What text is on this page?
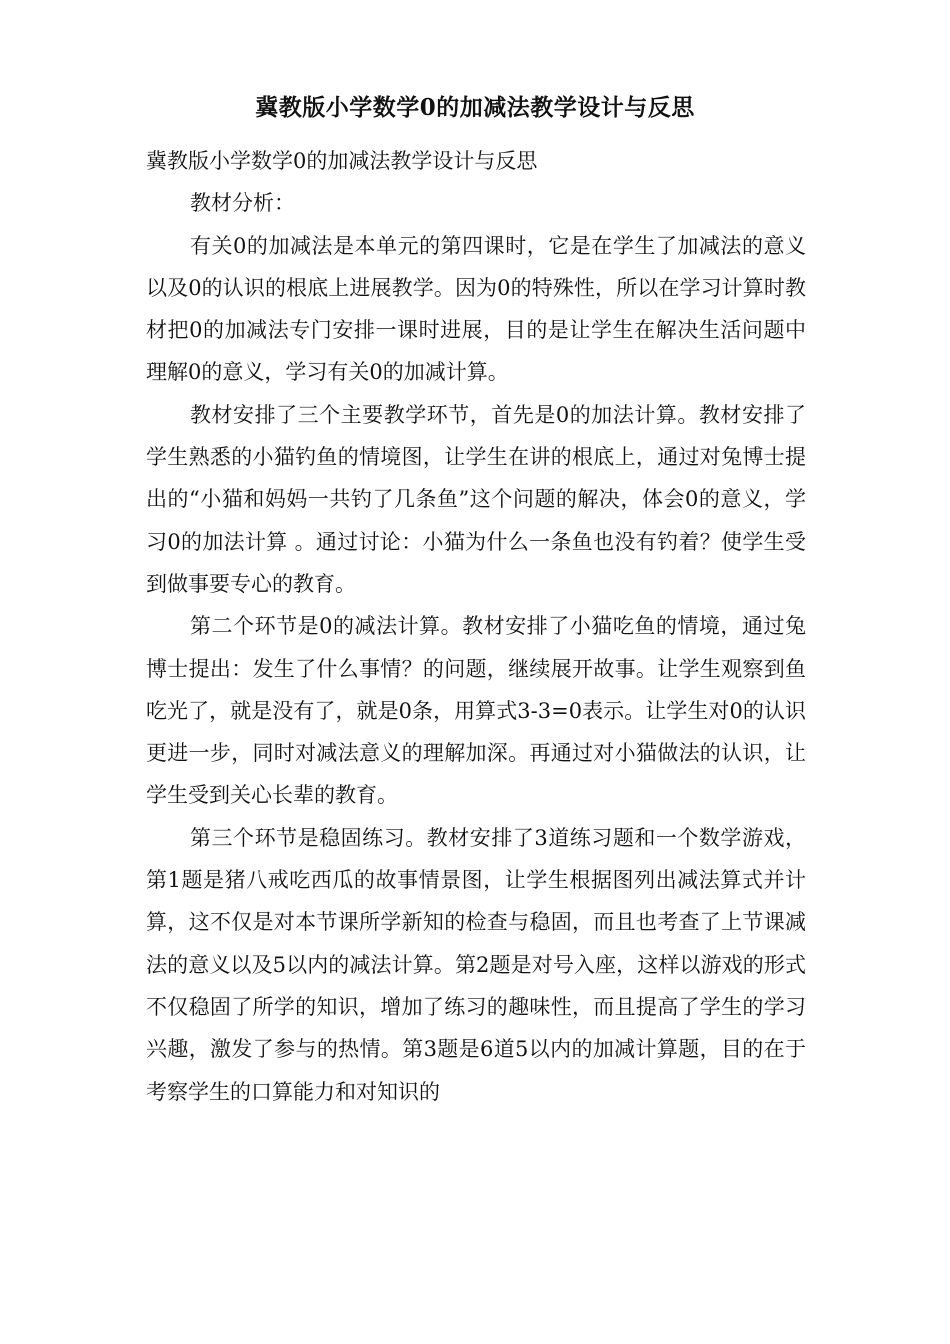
冀教版小学数学0的加减法教学设计与反思

冀教版小学数学0的加减法教学设计与反思

教材分析：

有关0的加减法是本单元的第四课时，它是在学生了加减法的意义以及0的认识的根底上进展教学。因为0的特殊性，所以在学习计算时教材把0的加减法专门安排一课时进展，目的是让学生在解决生活问题中理解0的意义，学习有关0的加减计算。

教材安排了三个主要教学环节，首先是0的加法计算。教材安排了学生熟悉的小猫钓鱼的情境图，让学生在讲的根底上，通过对兔博士提出的“小猫和妈妈一共钓了几条鱼”这个问题的解决，体会0的意义，学习0的加法计算 。通过讨论：小猫为什么一条鱼也没有钓着？使学生受到做事要专心的教育。

第二个环节是0的减法计算。教材安排了小猫吃鱼的情境，通过兔博士提出：发生了什么事情？的问题，继续展开故事。让学生观察到鱼吃光了，就是没有了，就是0条，用算式3-3=0表示。让学生对0的认识更进一步，同时对减法意义的理解加深。再通过对小猫做法的认识，让学生受到关心长辈的教育。

第三个环节是稳固练习。教材安排了3道练习题和一个数学游戏，第1题是猪八戒吃西瓜的故事情景图，让学生根据图列出减法算式并计算，这不仅是对本节课所学新知的检查与稳固，而且也考查了上节课减法的意义以及5以内的减法计算。第2题是对号入座，这样以游戏的形式不仅稳固了所学的知识，增加了练习的趣味性，而且提高了学生的学习兴趣，激发了参与的热情。第3题是6道5以内的加减计算题，目的在于考察学生的口算能力和对知识的
